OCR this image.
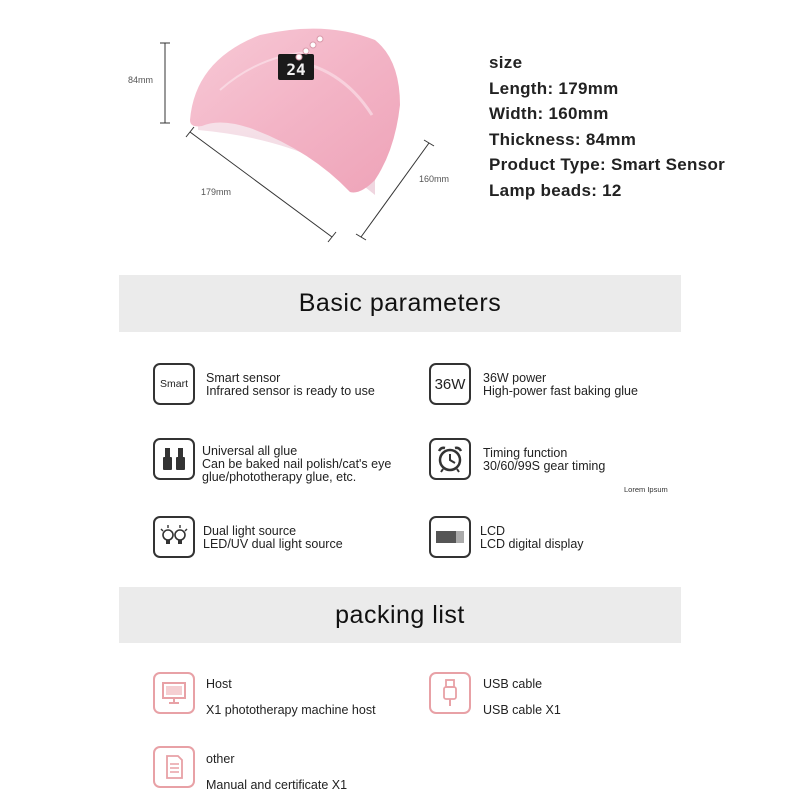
24
84mm
179mm
160mm
size
Length: 179mm
Width: 160mm
Thickness: 84mm
Product Type: Smart Sensor
Lamp beads: 12
Basic parameters
Smart Smart sensor
Infrared sensor is ready to use	36W 36W power
High-power fast baking glue
Universal all glue
Can be baked nail polish/cat's eye
glue/phototherapy glue, etc.
Timing function
30/60/99S gear timing
Lorem Ipsum
Dual light source
LED/UV dual light source
LCD
LCD digital display
packing list
Host
X1 phototherapy machine host
USB cable
USB cable X1
other
Manual and certificate X1
